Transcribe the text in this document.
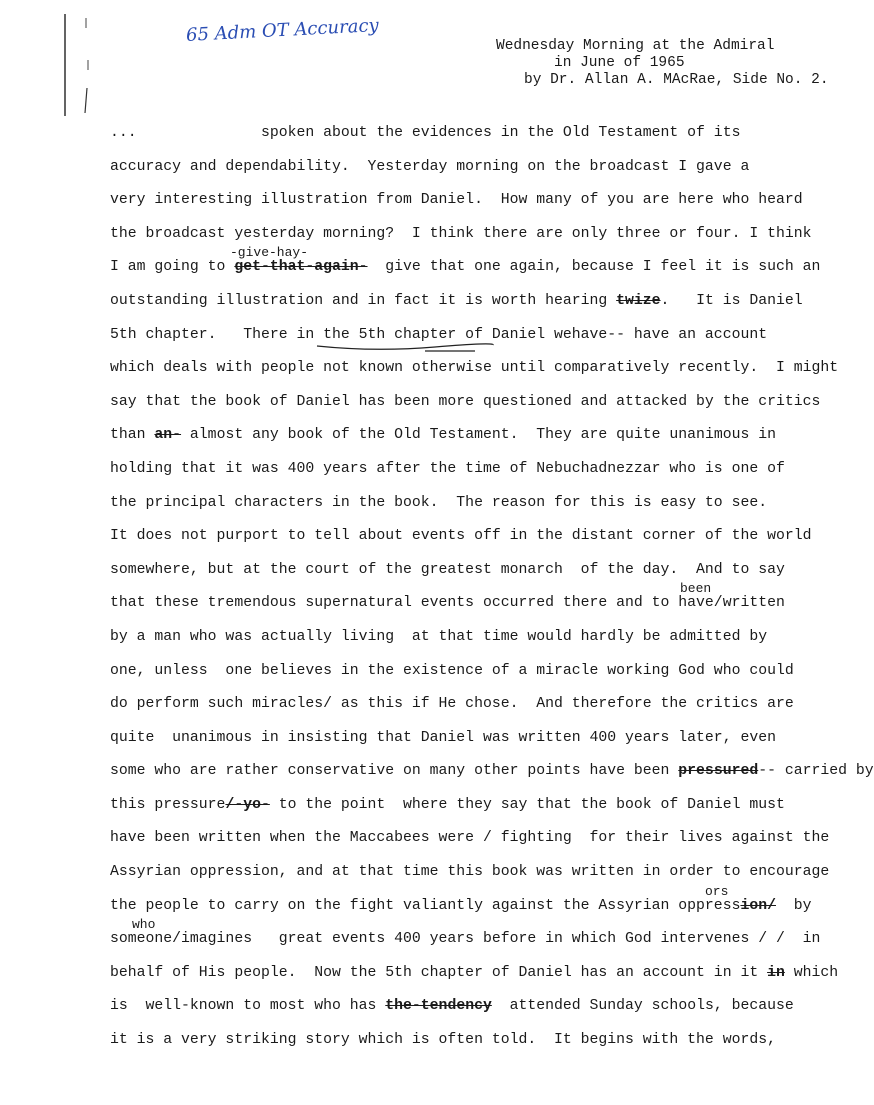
65 Adm OT Accuracy	Wednesday Morning at the Admiral
in June of 1965
by Dr. Allan A. MAcRae, Side No. 2.
...              spoken about the evidences in the Old Testament of its
accuracy and dependability.  Yesterday morning on the broadcast I gave a
very interesting illustration from Daniel.  How many of you are here who heard
the broadcast yesterday morning?  I think there are only three or four. I think
-give-hay-
I am going to get-that-again-  give that one again, because I feel it is such an
outstanding illustration and in fact it is worth hearing twize.   It is Daniel
5th chapter.   There in the 5th chapter of Daniel wehave-- have an account
which deals with people not known otherwise until comparatively recently.  I might
say that the book of Daniel has been more questioned and attacked by the critics
than an- almost any book of the Old Testament.  They are quite unanimous in
holding that it was 400 years after the time of Nebuchadnezzar who is one of
the principal characters in the book.  The reason for this is easy to see.
It does not purport to tell about events off in the distant corner of the world
somewhere, but at the court of the greatest monarch  of the day.  And to say
been
that these tremendous supernatural events occurred there and to have/written
by a man who was actually living  at that time would hardly be admitted by
one, unless  one believes in the existence of a miracle working God who could
do perform such miracles/ as this if He chose.  And therefore the critics are
quite  unanimous in insisting that Daniel was written 400 years later, even
some who are rather conservative on many other points have been pressured-- carried by
this pressure/-yo- to the point  where they say that the book of Daniel must
have been written when the Maccabees were / fighting  for their lives against the
Assyrian oppression, and at that time this book was written in order to encourage
ors
the people to carry on the fight valiantly against the Assyrian oppression/  by
who
someone/imagines   great events 400 years before in which God intervenes / /  in
behalf of His people.  Now the 5th chapter of Daniel has an account in it in which
is  well-known to most who has the-tendency  attended Sunday schools, because
it is a very striking story which is often told.  It begins with the words,
